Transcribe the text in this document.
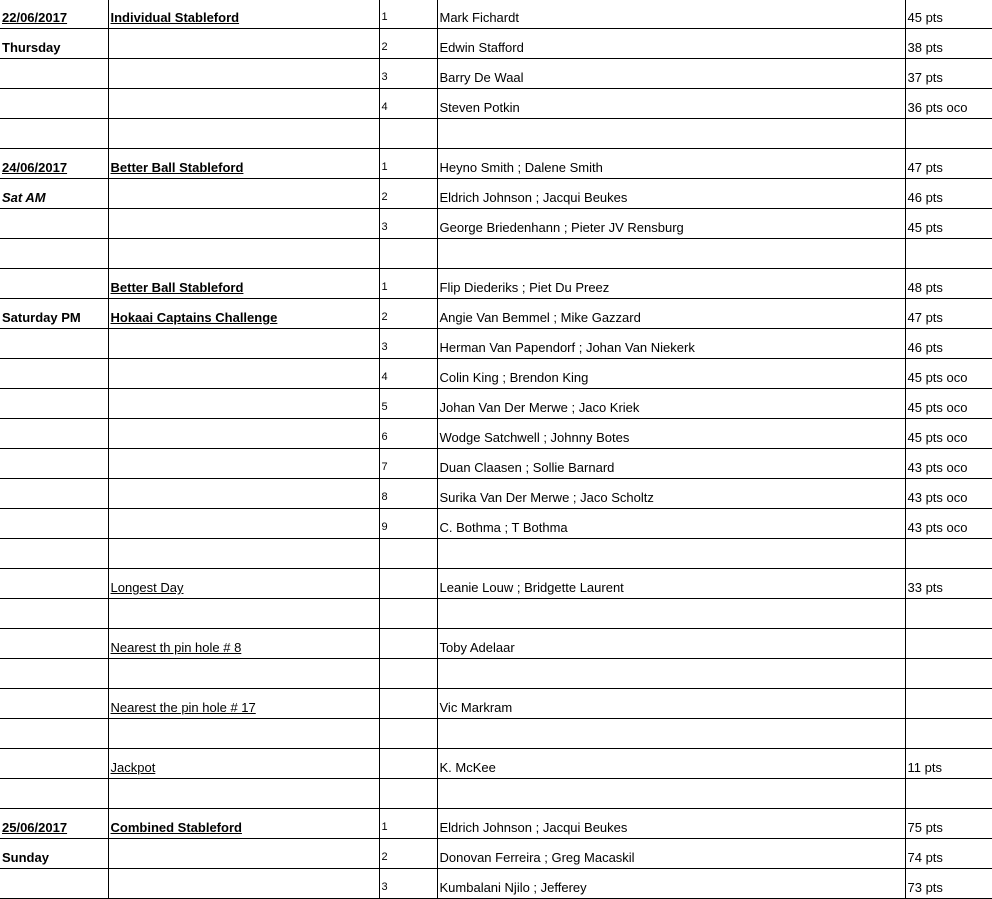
22/06/2017	Individual Stableford	1	Mark Fichardt	45 pts
Thursday		2	Edwin Stafford	38 pts
		3	Barry De Waal	37 pts
		4	Steven Potkin	36 pts oco

24/06/2017	Better Ball Stableford	1	Heyno Smith ; Dalene Smith	47 pts
Sat AM		2	Eldrich Johnson ; Jacqui Beukes	46 pts
		3	George Briedenhann ; Pieter JV Rensburg	45 pts

	Better Ball Stableford	1	Flip Diederiks ; Piet Du Preez	48 pts
Saturday PM	Hokaai Captains Challenge	2	Angie Van Bemmel ; Mike Gazzard	47 pts
		3	Herman Van Papendorf ; Johan Van Niekerk	46 pts
		4	Colin King ; Brendon King	45 pts oco
		5	Johan Van Der Merwe ; Jaco Kriek	45 pts oco
		6	Wodge Satchwell ; Johnny Botes	45 pts oco
		7	Duan Claasen ; Sollie Barnard	43 pts oco
		8	Surika Van Der Merwe ; Jaco Scholtz	43 pts oco
		9	C. Bothma ; T Bothma	43 pts oco

	Longest Day		Leanie Louw ; Bridgette Laurent	33 pts

	Nearest th pin hole # 8		Toby Adelaar	

	Nearest the pin hole # 17		Vic Markram	

	Jackpot		K. McKee	11 pts

25/06/2017	Combined Stableford	1	Eldrich Johnson ; Jacqui Beukes	75 pts
Sunday		2	Donovan Ferreira ; Greg Macaskil	74 pts
		3	Kumbalani Njilo ; Jefferey	73 pts
